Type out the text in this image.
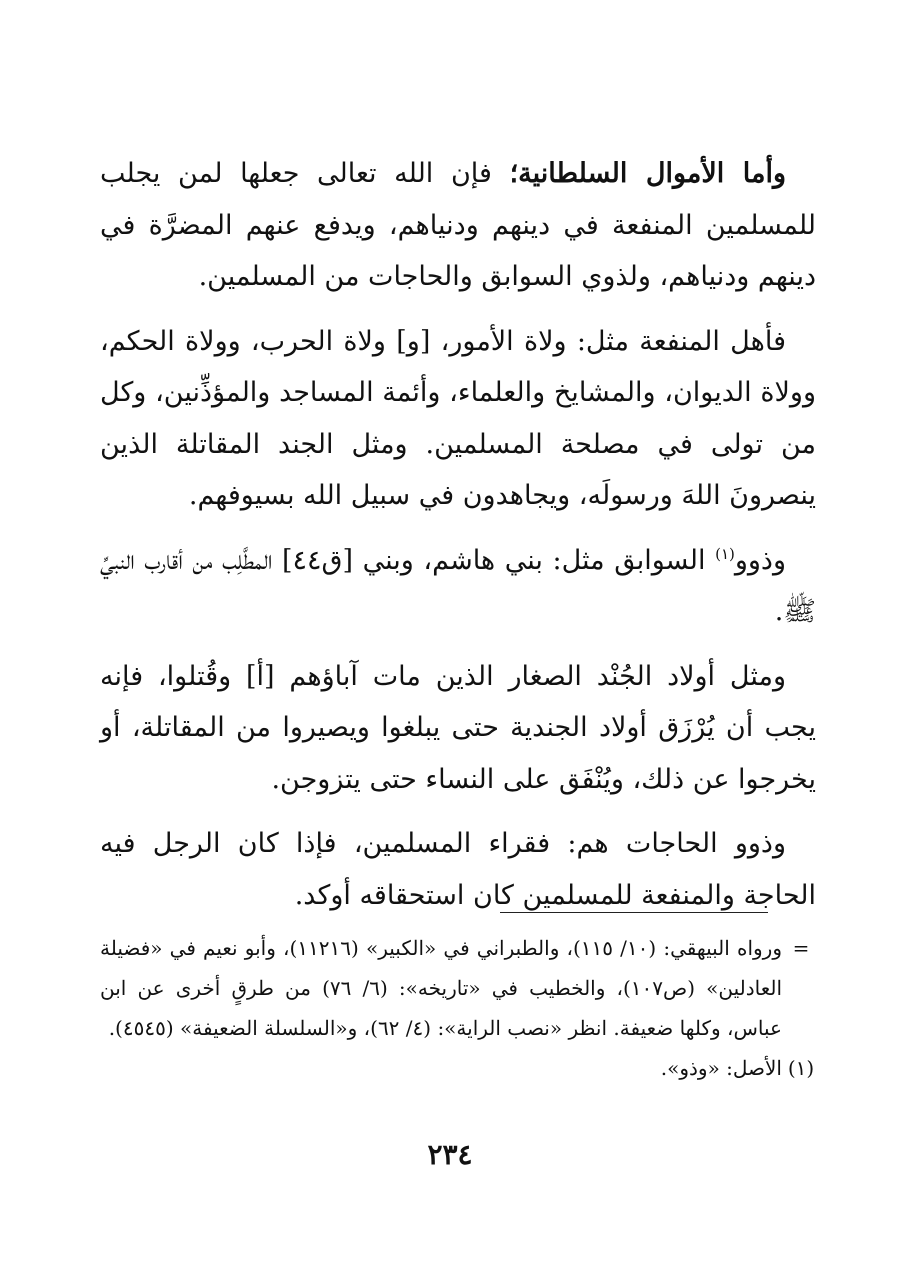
وأما الأموال السلطانية؛ فإن الله تعالى جعلها لمن يجلب للمسلمين المنفعة في دينهم ودنياهم، ويدفع عنهم المضرَّة في دينهم ودنياهم، ولذوي السوابق والحاجات من المسلمين.

فأهل المنفعة مثل: ولاة الأمور، [و] ولاة الحرب، وولاة الحكم، وولاة الديوان، والمشايخ والعلماء، وأئمة المساجد والمؤذِّنين، وكل من تولى في مصلحة المسلمين. ومثل الجند المقاتلة الذين ينصرونَ اللهَ ورسولَه، ويجاهدون في سبيل الله بسيوفهم.

وذوو$^{(١)}$ السوابق مثل: بني هاشم، وبني [ق٤٤] المطَّلِب من أقارب النبيِّ ﷺ.

ومثل أولاد الجُنْد الصغار الذين مات آباؤهم [أ] وقُتلوا، فإنه يجب أن يُرْزَق أولاد الجندية حتى يبلغوا ويصيروا من المقاتلة، أو يخرجوا عن ذلك، ويُنْفَق على النساء حتى يتزوجن.

وذوو الحاجات هم: فقراء المسلمين، فإذا كان الرجل فيه الحاجة والمنفعة للمسلمين كان استحقاقه أوكد.

=
ورواه البيهقي: (١٠/ ١١٥)، والطبراني في «الكبير» (١١٢١٦)، وأبو نعيم في «فضيلة العادلين» (ص١٠٧)، والخطيب في «تاريخه»: (٦/ ٧٦) من طرقٍ أخرى عن ابن عباس، وكلها ضعيفة. انظر «نصب الراية»: (٤/ ٦٢)، و«السلسلة الضعيفة» (٤٥٤٥).

(١)
الأصل: «وذو».

٢٣٤
